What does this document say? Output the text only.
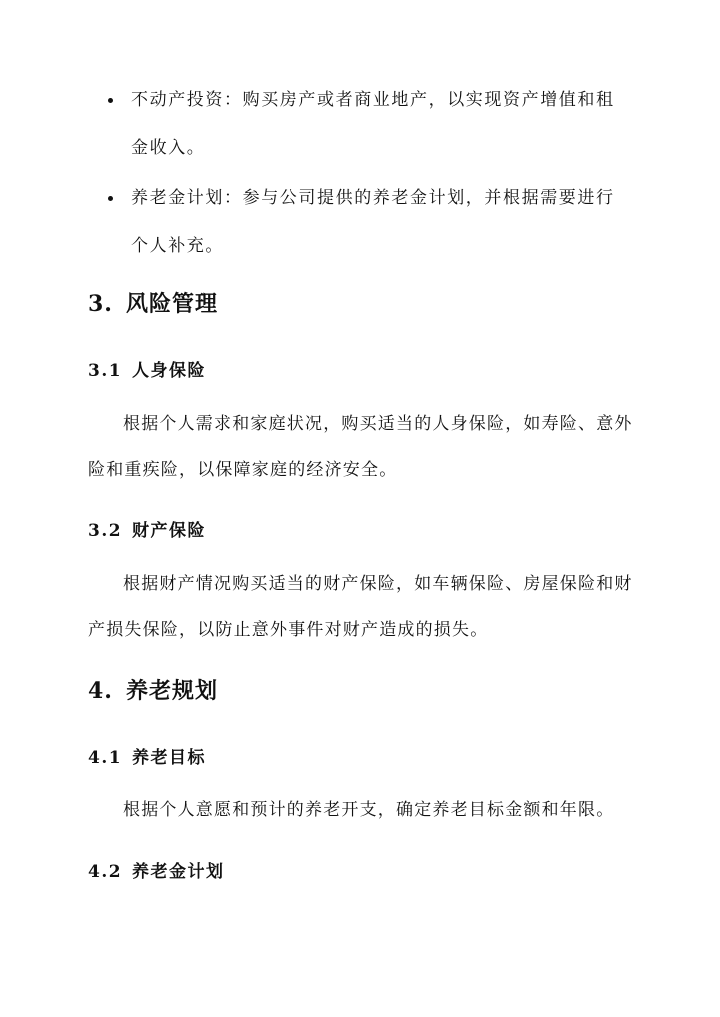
不动产投资：购买房产或者商业地产，以实现资产增值和租金收入。

养老金计划：参与公司提供的养老金计划，并根据需要进行个人补充。

3. 风险管理
3.1 人身保险

根据个人需求和家庭状况，购买适当的人身保险，如寿险、意外险和重疾险，以保障家庭的经济安全。

3.2 财产保险

根据财产情况购买适当的财产保险，如车辆保险、房屋保险和财产损失保险，以防止意外事件对财产造成的损失。

4. 养老规划
4.1 养老目标

根据个人意愿和预计的养老开支，确定养老目标金额和年限。

4.2 养老金计划
